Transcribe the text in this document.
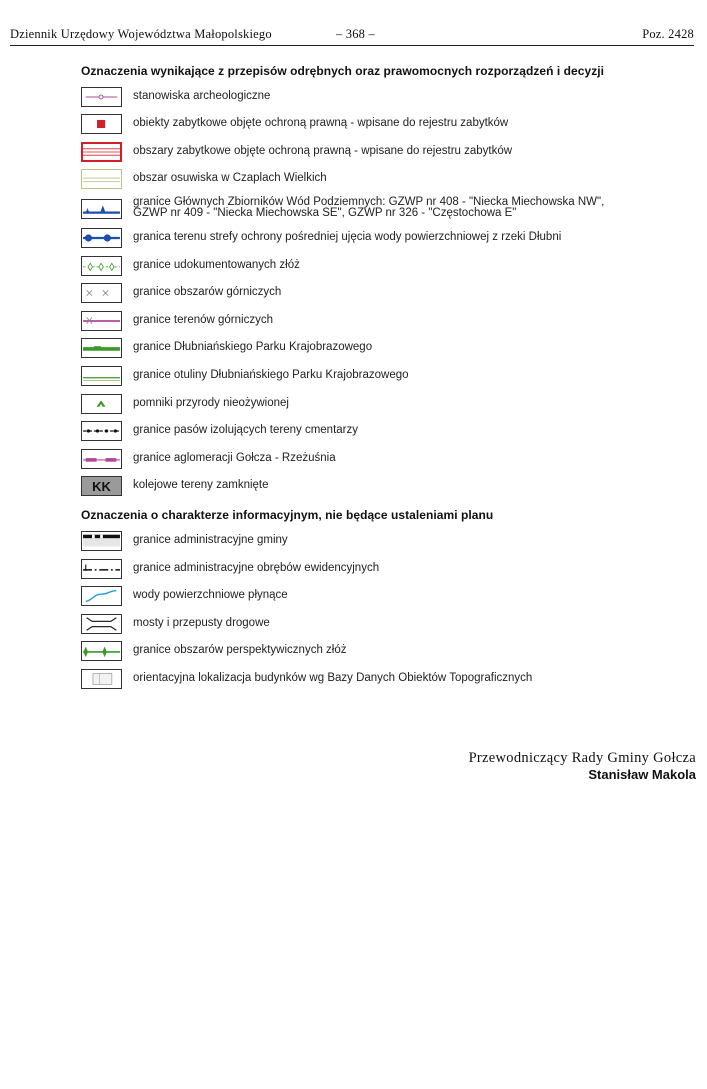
Dziennik Urzędowy Województwa Małopolskiego	– 368 –	Poz. 2428
Oznaczenia wynikające z przepisów odrębnych oraz prawomocnych rozporządzeń i decyzji
stanowiska archeologiczne
obiekty zabytkowe objęte ochroną prawną - wpisane do rejestru zabytków
obszary zabytkowe objęte ochroną prawną - wpisane do rejestru zabytków
obszar osuwiska w Czaplach Wielkich
granice Głównych Zbiorników Wód Podziemnych: GZWP nr 408 - "Niecka Miechowska NW",
GZWP nr 409 - "Niecka Miechowska SE", GZWP nr 326 - "Częstochowa E"
granica terenu strefy ochrony pośredniej ujęcia wody powierzchniowej z rzeki Dłubni
granice udokumentowanych złóż
granice obszarów górniczych
granice terenów górniczych
granice Dłubniańskiego Parku Krajobrazowego
granice otuliny Dłubniańskiego Parku Krajobrazowego
pomniki przyrody nieożywionej
granice pasów izolujących tereny cmentarzy
granice aglomeracji Gołcza - Rzeżuśnia
KK	kolejowe tereny zamknięte
Oznaczenia o charakterze informacyjnym, nie będące ustaleniami planu
granice administracyjne gminy
granice administracyjne obrębów ewidencyjnych
wody powierzchniowe płynące
mosty i przepusty drogowe
granice obszarów perspektywicznych złóż
orientacyjna lokalizacja budynków wg Bazy Danych Obiektów Topograficznych
Przewodniczący Rady Gminy Gołcza
Stanisław Makola
